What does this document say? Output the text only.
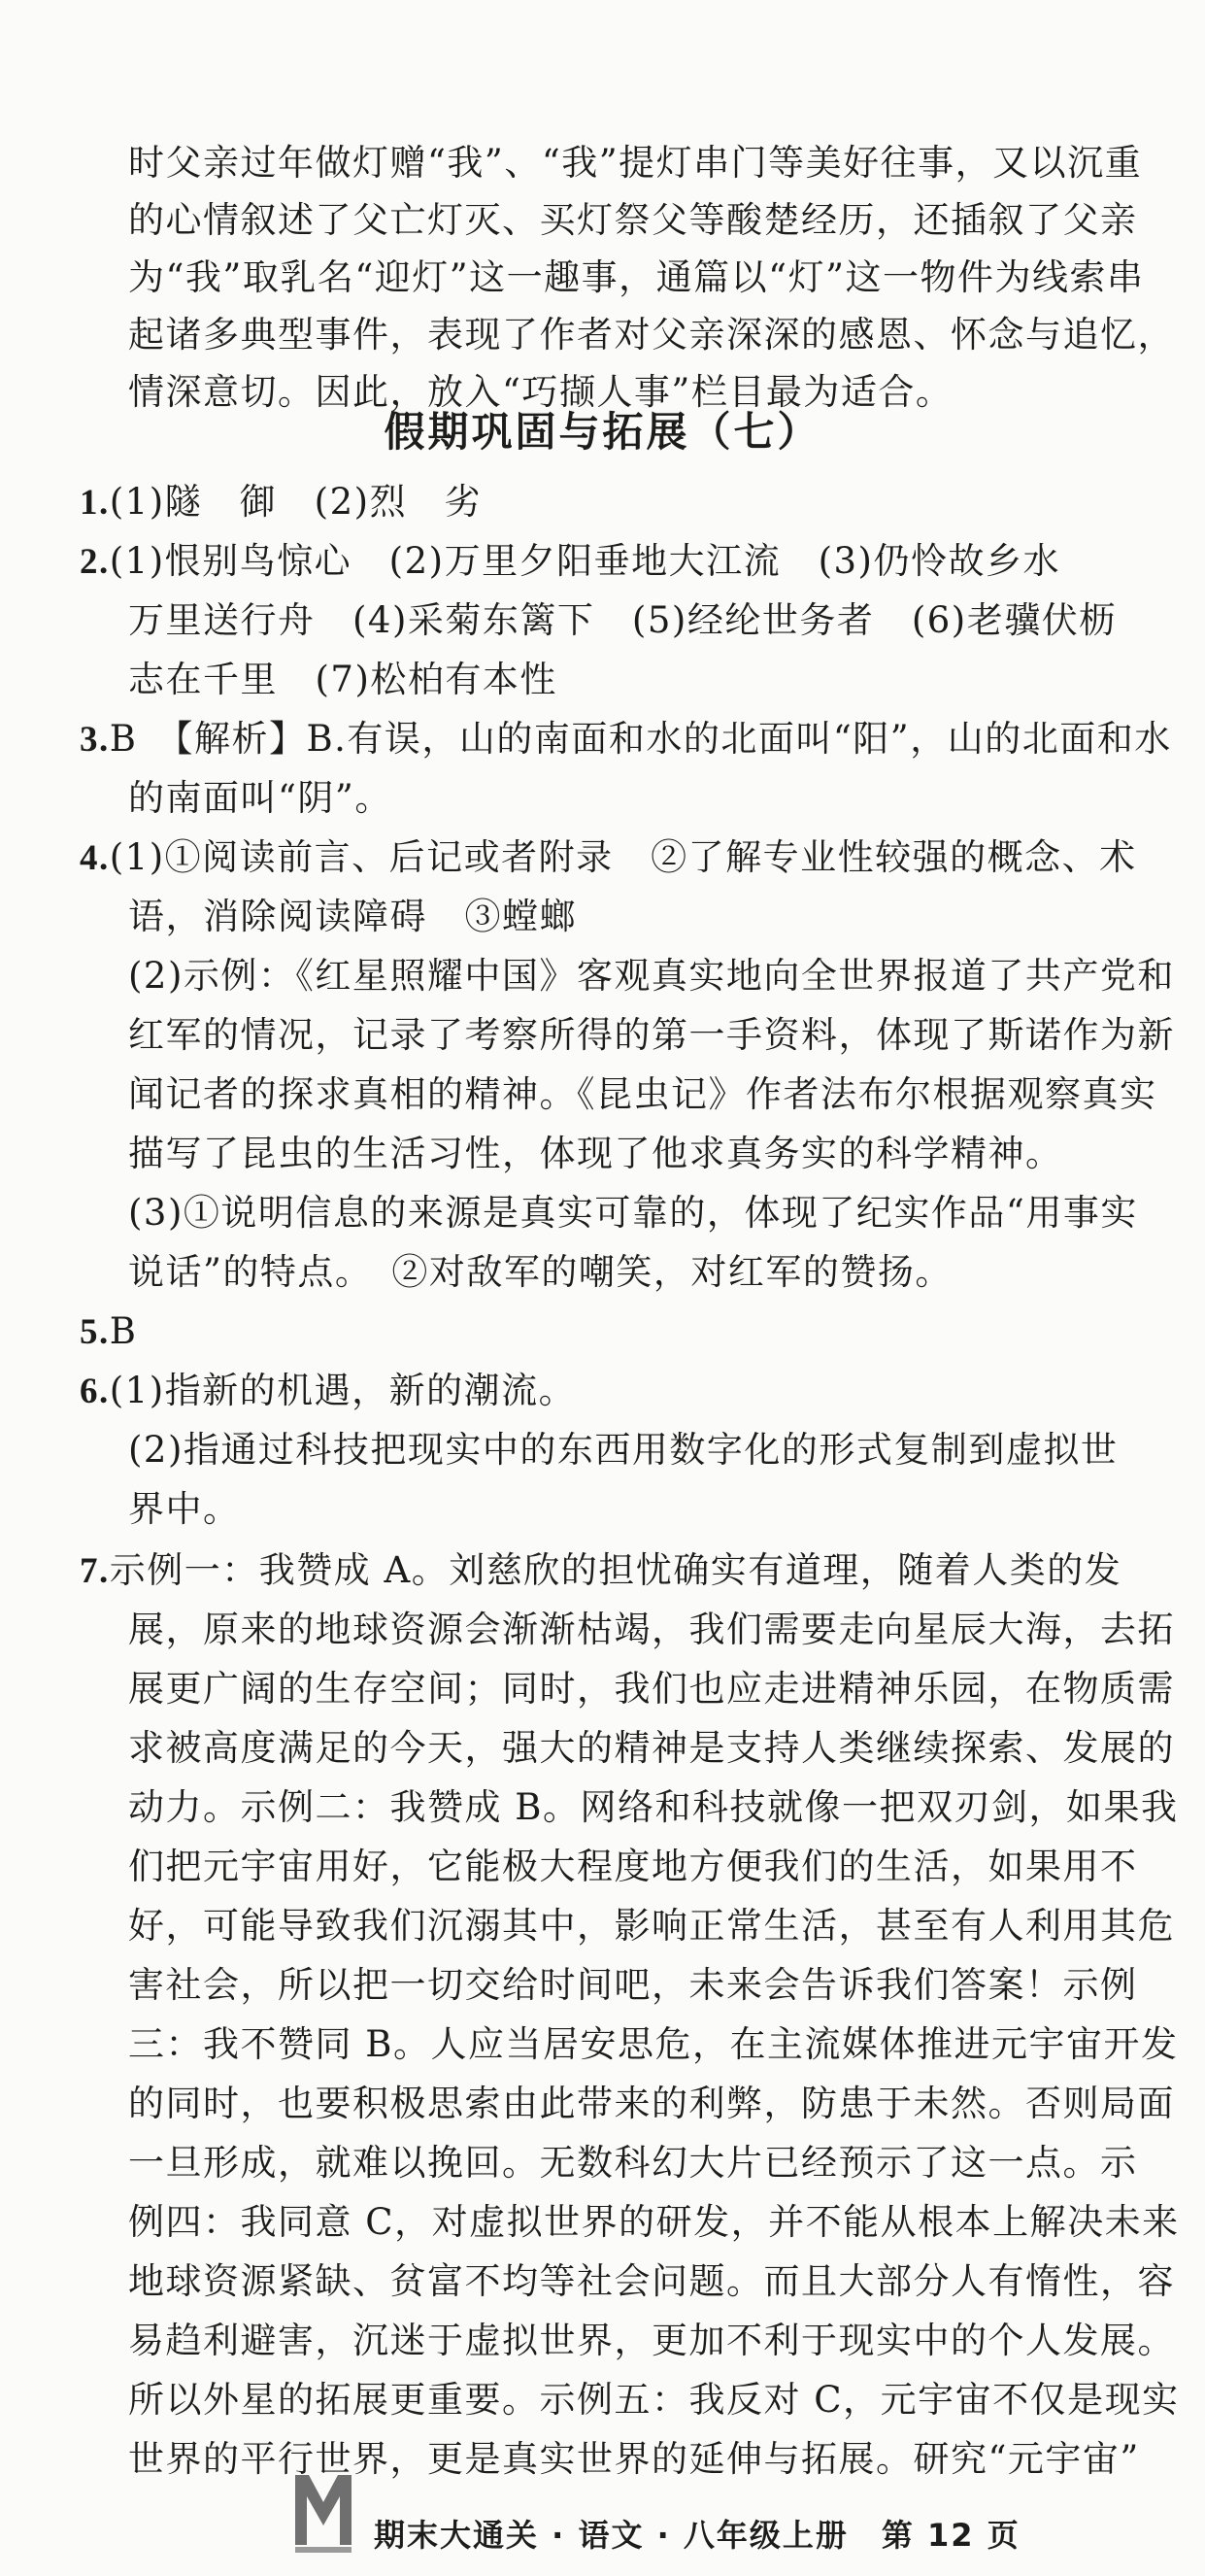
时父亲过年做灯赠“我”、“我”提灯串门等美好往事，又以沉重
的心情叙述了父亡灯灭、买灯祭父等酸楚经历，还插叙了父亲
为“我”取乳名“迎灯”这一趣事，通篇以“灯”这一物件为线索串
起诸多典型事件，表现了作者对父亲深深的感恩、怀念与追忆，
情深意切。因此，放入“巧撷人事”栏目最为适合。
假期巩固与拓展（七）
1.(1)隧　御　(2)烈　劣
2.(1)恨别鸟惊心　(2)万里夕阳垂地大江流　(3)仍怜故乡水
万里送行舟　(4)采菊东篱下　(5)经纶世务者　(6)老骥伏枥
志在千里　(7)松柏有本性
3.B　【解析】B.有误，山的南面和水的北面叫“阳”，山的北面和水
的南面叫“阴”。
4.(1)①阅读前言、后记或者附录　②了解专业性较强的概念、术
语，消除阅读障碍　③螳螂
(2)示例：《红星照耀中国》客观真实地向全世界报道了共产党和
红军的情况，记录了考察所得的第一手资料，体现了斯诺作为新
闻记者的探求真相的精神。《昆虫记》作者法布尔根据观察真实
描写了昆虫的生活习性，体现了他求真务实的科学精神。
(3)①说明信息的来源是真实可靠的，体现了纪实作品“用事实
说话”的特点。　②对敌军的嘲笑，对红军的赞扬。
5.B
6.(1)指新的机遇，新的潮流。
(2)指通过科技把现实中的东西用数字化的形式复制到虚拟世
界中。
7.示例一：我赞成 A。刘慈欣的担忧确实有道理，随着人类的发
展，原来的地球资源会渐渐枯竭，我们需要走向星辰大海，去拓
展更广阔的生存空间；同时，我们也应走进精神乐园，在物质需
求被高度满足的今天，强大的精神是支持人类继续探索、发展的
动力。示例二：我赞成 B。网络和科技就像一把双刃剑，如果我
们把元宇宙用好，它能极大程度地方便我们的生活，如果用不
好，可能导致我们沉溺其中，影响正常生活，甚至有人利用其危
害社会，所以把一切交给时间吧，未来会告诉我们答案！示例
三：我不赞同 B。人应当居安思危，在主流媒体推进元宇宙开发
的同时，也要积极思索由此带来的利弊，防患于未然。否则局面
一旦形成，就难以挽回。无数科幻大片已经预示了这一点。示
例四：我同意 C，对虚拟世界的研发，并不能从根本上解决未来
地球资源紧缺、贫富不均等社会问题。而且大部分人有惰性，容
易趋利避害，沉迷于虚拟世界，更加不利于现实中的个人发展。
所以外星的拓展更重要。示例五：我反对 C，元宇宙不仅是现实
世界的平行世界，更是真实世界的延伸与拓展。研究“元宇宙”
期末大通关 · 语文 · 八年级上册　第 12 页
